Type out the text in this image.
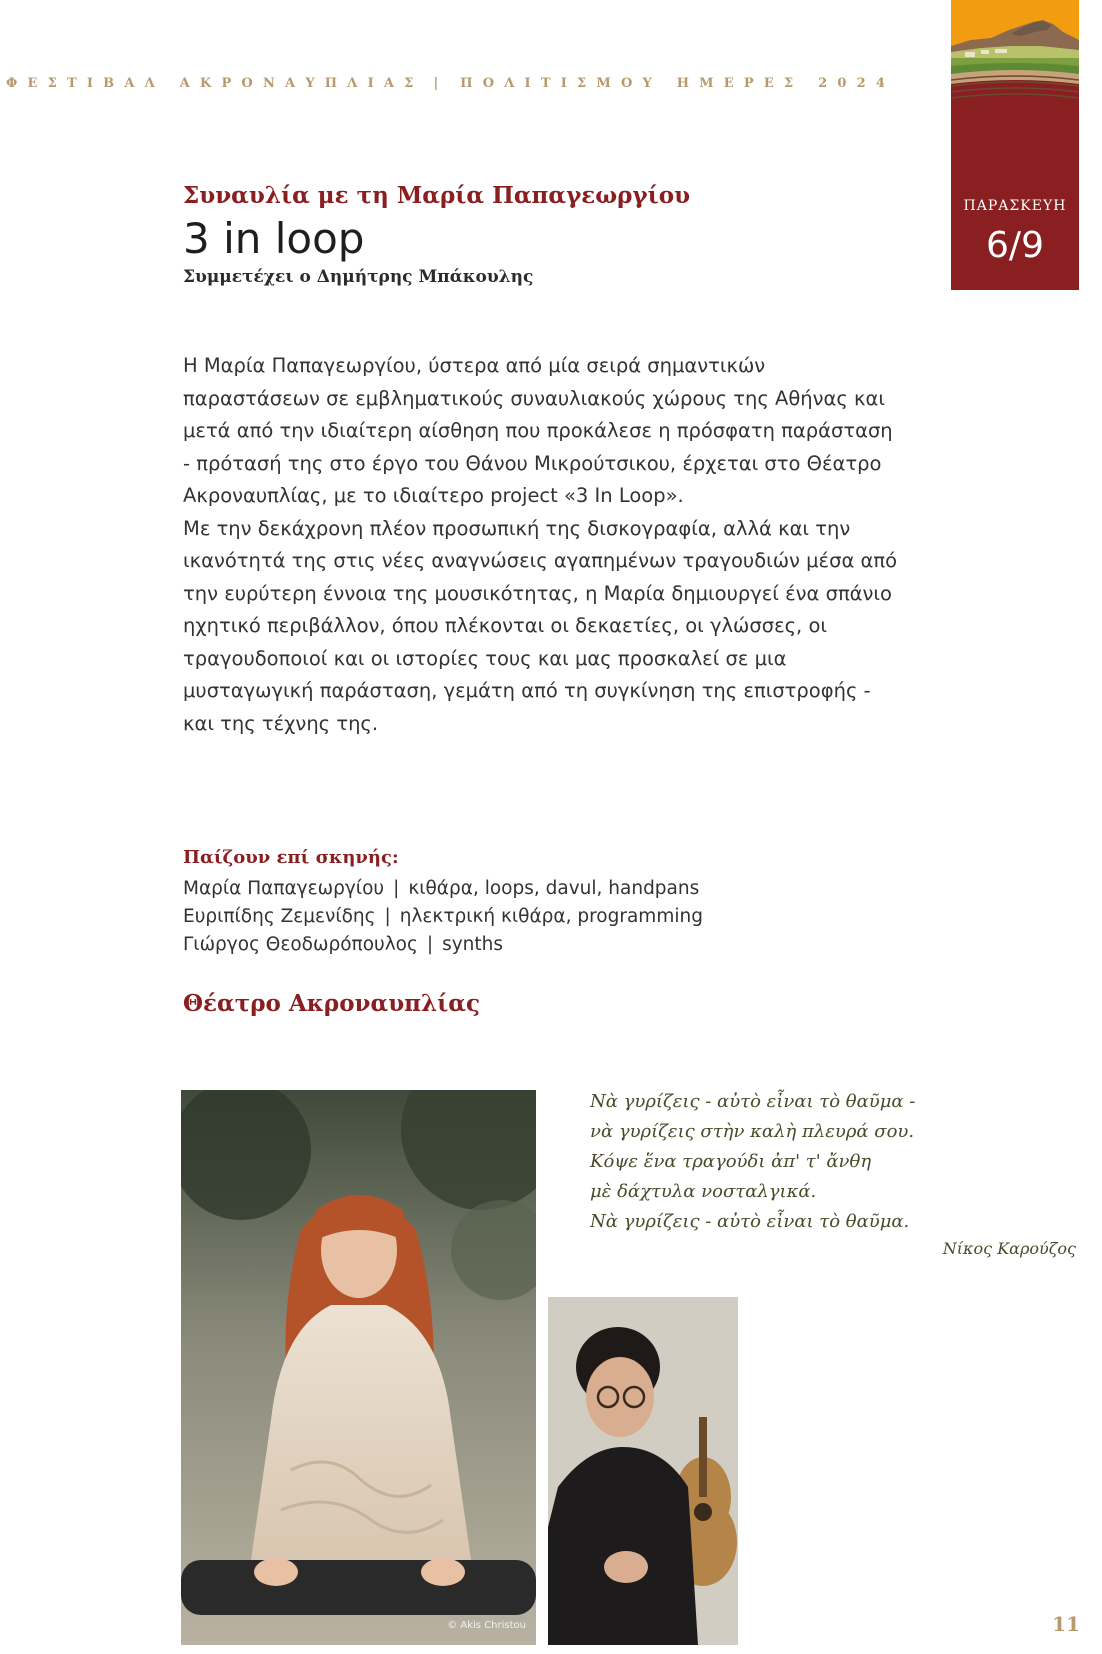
ΦΕΣΤΙΒΑΛ ΑΚΡΟΝΑΥΠΛΙΑΣ | ΠΟΛΙΤΙΣΜΟΥ ΗΜΕΡΕΣ 2024
ΠΑΡΑΣΚΕΥΗ
6/9
Συναυλία με τη Μαρία Παπαγεωργίου
3 in loop
Συμμετέχει ο Δημήτρης Μπάκουλης

Η Μαρία Παπαγεωργίου, ύστερα από μία σειρά σημαντικών παραστάσεων σε εμβληματικούς συναυλιακούς χώρους της Αθήνας και μετά από την ιδιαίτερη αίσθηση που προκάλεσε η πρόσφατη παράσταση - πρότασή της στο έργο του Θάνου Μικρούτσικου, έρχεται στο Θέατρο Ακροναυπλίας, με το ιδιαίτερο project «3 In Loop».

Με την δεκάχρονη πλέον προσωπική της δισκογραφία, αλλά και την ικανότητά της στις νέες αναγνώσεις αγαπημένων τραγουδιών μέσα από την ευρύτερη έννοια της μουσικότητας, η Μαρία δημιουργεί ένα σπάνιο ηχητικό περιβάλλον, όπου πλέκονται οι δεκαετίες, οι γλώσσες, οι τραγουδοποιοί και οι ιστορίες τους και μας προσκαλεί σε μια μυσταγωγική παράσταση, γεμάτη από τη συγκίνηση της επιστροφής - και της τέχνης της.

Παίζουν επί σκηνής:
Μαρία Παπαγεωργίου | κιθάρα, loops, davul, handpans
Ευριπίδης Ζεμενίδης | ηλεκτρική κιθάρα, programming
Γιώργος Θεοδωρόπουλος | synths
Θέατρο Ακροναυπλίας
© Akis Christou
Νὰ γυρίζεις - αὐτὸ εἶναι τὸ θαῦμα -
νὰ γυρίζεις στὴν καλὴ πλευρά σου.
Κόψε ἕνα τραγούδι ἀπ' τ' ἄνθη
μὲ δάχτυλα νοσταλγικά.
Νὰ γυρίζεις - αὐτὸ εἶναι τὸ θαῦμα.
Νίκος Καρούζος
11
